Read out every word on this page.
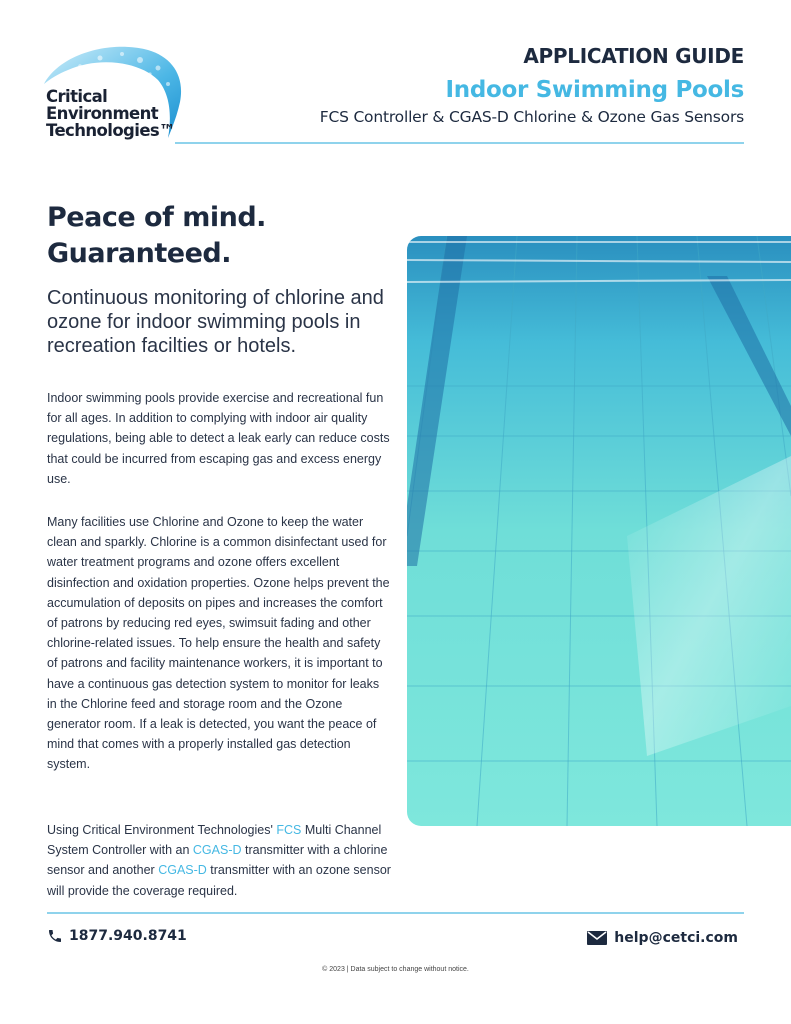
Critical
Environment
Technologies™
APPLICATION GUIDE
Indoor Swimming Pools
FCS Controller & CGAS-D Chlorine & Ozone Gas Sensors
Peace of mind.
Guaranteed.
Continuous monitoring of chlorine and ozone for indoor swimming pools in recreation facilties or hotels.

Indoor swimming pools provide exercise and recreational fun for all ages. In addition to complying with indoor air quality regulations, being able to detect a leak early can reduce costs that could be incurred from escaping gas and excess energy use.

Many facilities use Chlorine and Ozone to keep the water clean and sparkly. Chlorine is a common disinfectant used for water treatment programs and ozone offers excellent disinfection and oxidation properties. Ozone helps prevent the accumulation of deposits on pipes and increases the comfort of patrons by reducing red eyes, swimsuit fading and other chlorine-related issues. To help ensure the health and safety of patrons and facility maintenance workers, it is important to have a continuous gas detection system to monitor for leaks in the Chlorine feed and storage room and the Ozone generator room. If a leak is detected, you want the peace of mind that comes with a properly installed gas detection system.

Using Critical Environment Technologies' FCS Multi Channel System Controller with an CGAS-D transmitter with a chlorine sensor and another CGAS-D transmitter with an ozone sensor will provide the coverage required.

1877.940.8741	help@cetci.com
© 2023 | Data subject to change without notice.
